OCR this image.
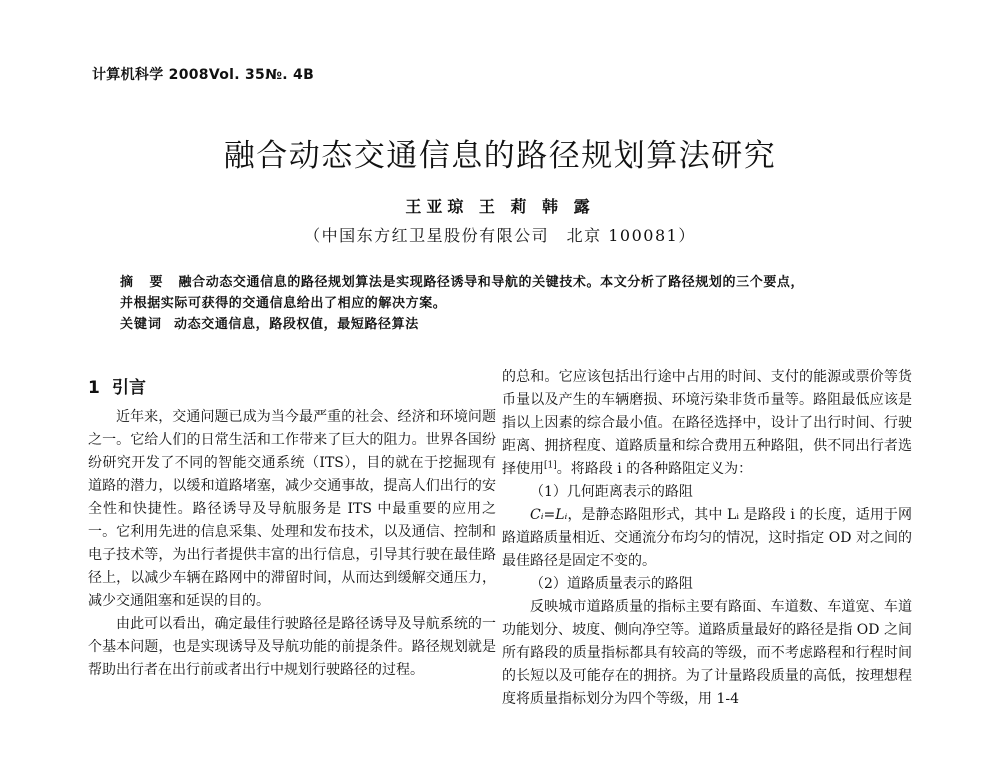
计算机科学 2008Vol. 35№. 4B
融合动态交通信息的路径规划算法研究
王亚琼 王 莉 韩 露
（中国东方红卫星股份有限公司　北京 100081）
摘 要 融合动态交通信息的路径规划算法是实现路径诱导和导航的关键技术。本文分析了路径规划的三个要点，
并根据实际可获得的交通信息给出了相应的解决方案。
关键词 动态交通信息，路段权值，最短路径算法
1 引言

近年来，交通问题已成为当今最严重的社会、经济和环境问题之一。它给人们的日常生活和工作带来了巨大的阻力。世界各国纷纷研究开发了不同的智能交通系统（ITS），目的就在于挖掘现有道路的潜力，以缓和道路堵塞，减少交通事故，提高人们出行的安全性和快捷性。路径诱导及导航服务是 ITS 中最重要的应用之一。它利用先进的信息采集、处理和发布技术，以及通信、控制和电子技术等，为出行者提供丰富的出行信息，引导其行驶在最佳路径上，以减少车辆在路网中的滞留时间，从而达到缓解交通压力，减少交通阻塞和延误的目的。

由此可以看出，确定最佳行驶路径是路径诱导及导航系统的一个基本问题，也是实现诱导及导航功能的前提条件。路径规划就是帮助出行者在出行前或者出行中规划行驶路径的过程。

的总和。它应该包括出行途中占用的时间、支付的能源或票价等货币量以及产生的车辆磨损、环境污染非货币量等。路阻最低应该是指以上因素的综合最小值。在路径选择中，设计了出行时间、行驶距离、拥挤程度、道路质量和综合费用五种路阻，供不同出行者选择使用[1]。将路段 i 的各种路阻定义为：

（1）几何距离表示的路阻

Cᵢ=Lᵢ，是静态路阻形式，其中 Lᵢ 是路段 i 的长度，适用于网路道路质量相近、交通流分布均匀的情况，这时指定 OD 对之间的最佳路径是固定不变的。

（2）道路质量表示的路阻

反映城市道路质量的指标主要有路面、车道数、车道宽、车道功能划分、坡度、侧向净空等。道路质量最好的路径是指 OD 之间所有路段的质量指标都具有较高的等级，而不考虑路程和行程时间的长短以及可能存在的拥挤。为了计量路段质量的高低，按理想程度将质量指标划分为四个等级，用 1-4
